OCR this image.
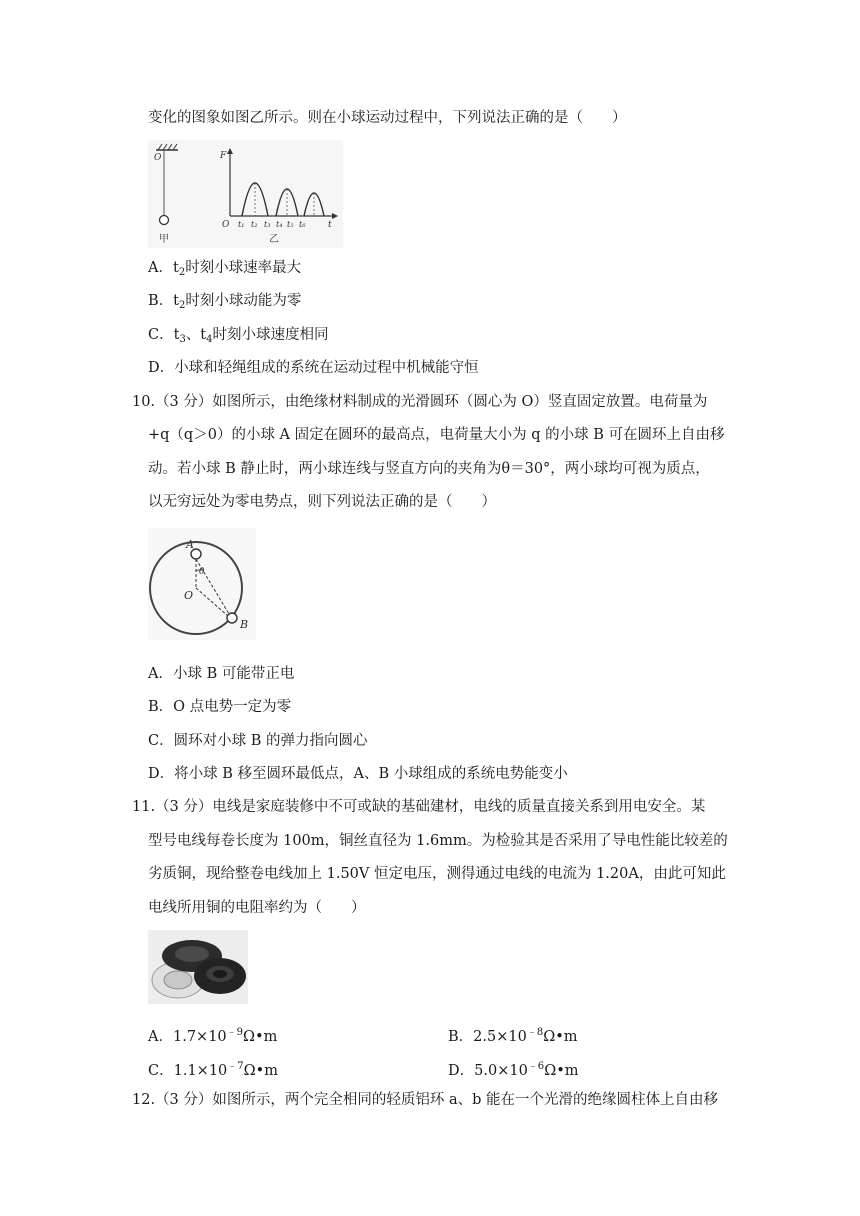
变化的图象如图乙所示。则在小球运动过程中，下列说法正确的是（　　）
O
甲
F
O	t
t₁ t₂ t₃ t₄ t₅ t₆
乙
A．$t_2$时刻小球速率最大
B．$t_2$时刻小球动能为零
C．$t_3$、$t_4$时刻小球速度相同
D．小球和轻绳组成的系统在运动过程中机械能守恒
10.（3 分）如图所示，由绝缘材料制成的光滑圆环（圆心为 O）竖直固定放置。电荷量为
+q（q＞0）的小球 A 固定在圆环的最高点，电荷量大小为 q 的小球 B 可在圆环上自由移
动。若小球 B 静止时，两小球连线与竖直方向的夹角为θ＝30°，两小球均可视为质点，
以无穷远处为零电势点，则下列说法正确的是（　　）
A
θ
O
B
A．小球 B 可能带正电
B．O 点电势一定为零
C．圆环对小球 B 的弹力指向圆心
D．将小球 B 移至圆环最低点，A、B 小球组成的系统电势能变小
11.（3 分）电线是家庭装修中不可或缺的基础建材，电线的质量直接关系到用电安全。某
型号电线每卷长度为 100m，铜丝直径为 1.6mm。为检验其是否采用了导电性能比较差的
劣质铜，现给整卷电线加上 1.50V 恒定电压，测得通过电线的电流为 1.20A，由此可知此
电线所用铜的电阻率约为（　　）
A．$1.7\times 10^{﹣9}\Omega•m$	B．$2.5\times 10^{﹣8}\Omega•m$
C．$1.1\times 10^{﹣7}\Omega•m$	D．$5.0\times 10^{﹣6}\Omega•m$
12.（3 分）如图所示，两个完全相同的轻质铝环 a、b 能在一个光滑的绝缘圆柱体上自由移
